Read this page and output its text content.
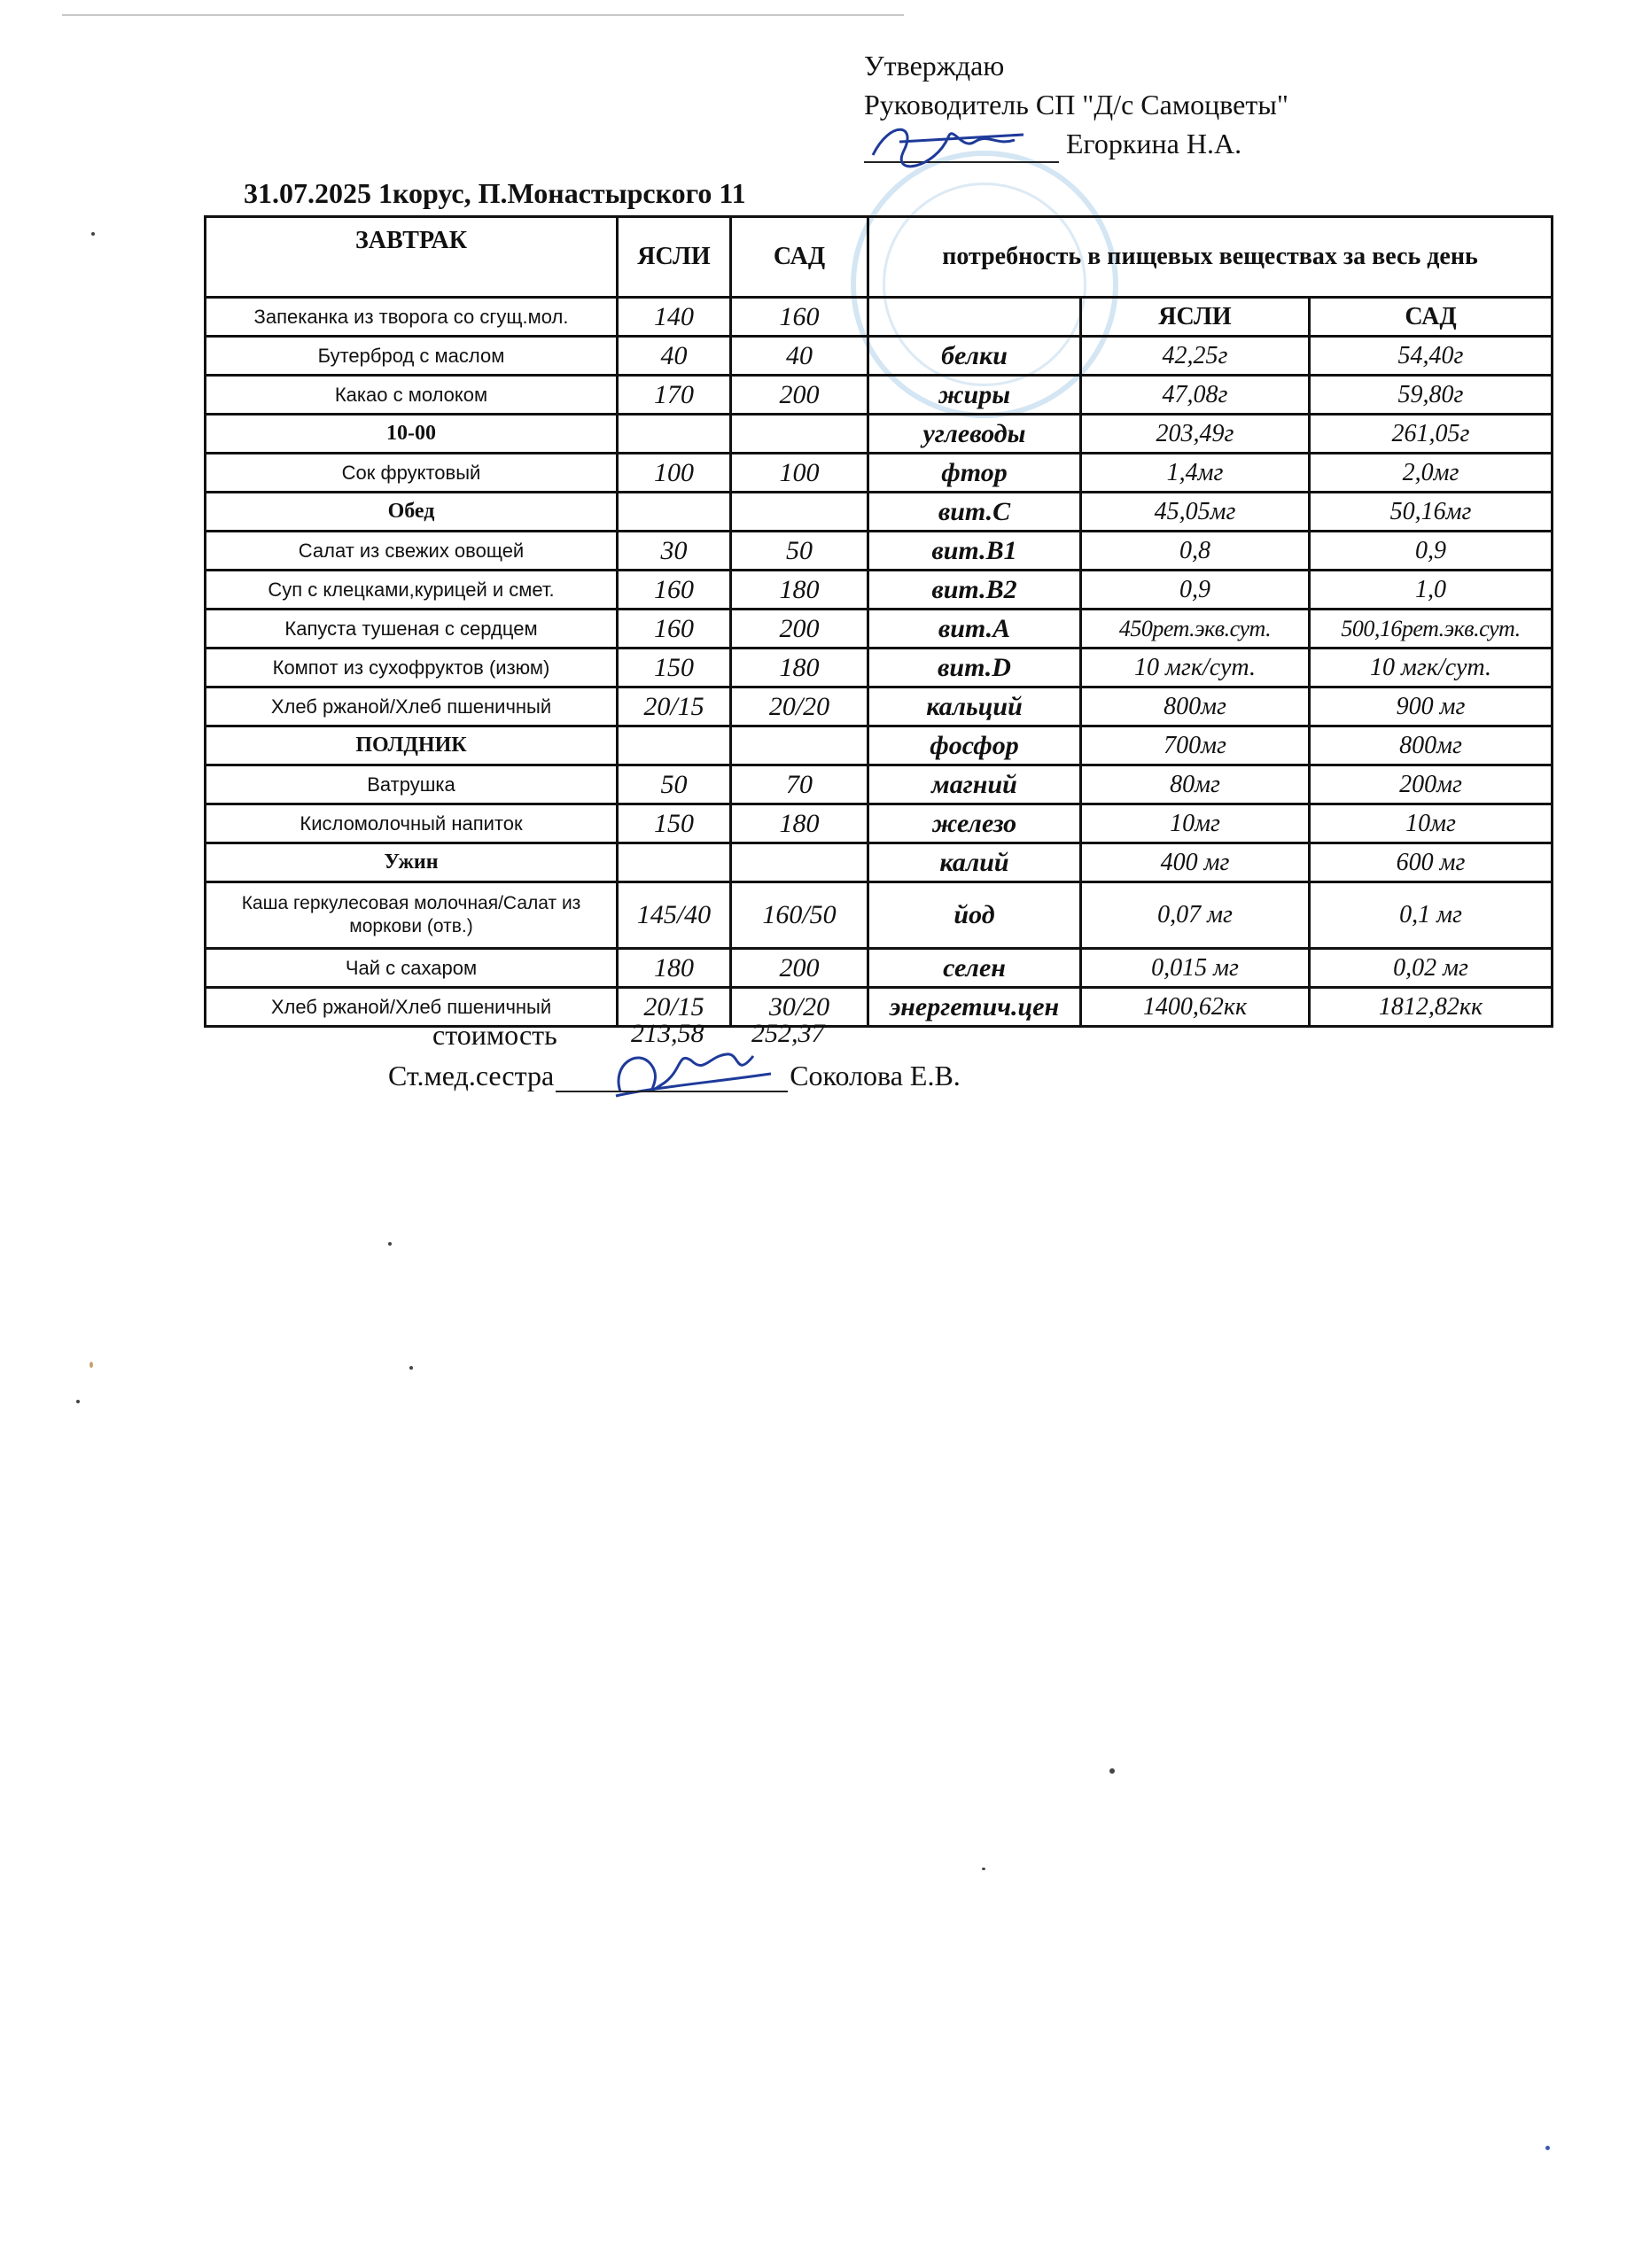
Утверждаю
Руководитель СП "Д/с Самоцветы"
Егоркина Н.А.
31.07.2025 1корус, П.Монастырского 11
ЗАВТРАК	ЯСЛИ	САД	потребность в пищевых веществах за весь день		
Запеканка из творога со сгущ.мол.	140	160		ЯСЛИ	САД
Бутерброд с маслом	40	40	белки	42,25г	54,40г
Какао с молоком	170	200	жиры	47,08г	59,80г
10-00			углеводы	203,49г	261,05г
Сок фруктовый	100	100	фтор	1,4мг	2,0мг
Обед			вит.С	45,05мг	50,16мг
Салат из свежих овощей	30	50	вит.В1	0,8	0,9
Суп с клецками,курицей и смет.	160	180	вит.В2	0,9	1,0
Капуста тушеная с сердцем	160	200	вит.А	450рет.экв.сут.	500,16рет.экв.сут.
Компот из сухофруктов (изюм)	150	180	вит.D	10 мгк/сут.	10 мгк/сут.
Хлеб ржаной/Хлеб пшеничный	20/15	20/20	кальций	800мг	900 мг
ПОЛДНИК			фосфор	700мг	800мг
Ватрушка	50	70	магний	80мг	200мг
Кисломолочный напиток	150	180	железо	10мг	10мг
Ужин			калий	400 мг	600 мг
Каша геркулесовая молочная/Салат из моркови (отв.)	145/40	160/50	йод	0,07 мг	0,1 мг
Чай с сахаром	180	200	селен	0,015 мг	0,02 мг
Хлеб ржаной/Хлеб пшеничный	20/15	30/20	энергетич.цен	1400,62кк	1812,82кк
стоимость	213,58 252,37
Ст.мед.сестра	Соколова Е.В.
